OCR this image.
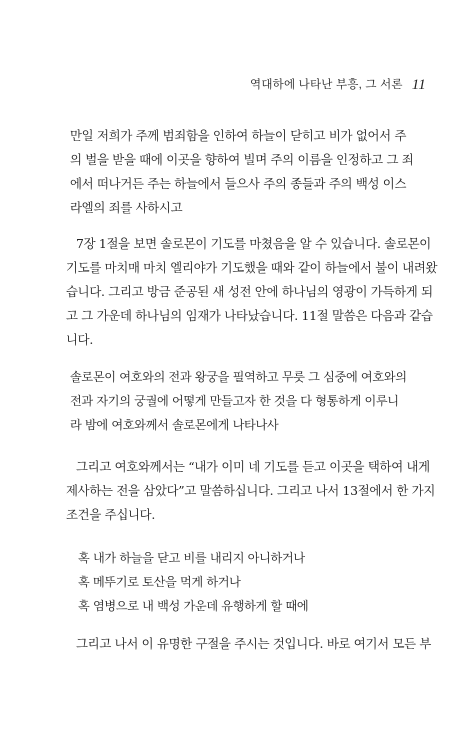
역대하에 나타난 부흥, 그 서론 11
만일 저희가 주께 범죄함을 인하여 하늘이 닫히고 비가 없어서 주
의 벌을 받을 때에 이곳을 향하여 빌며 주의 이름을 인정하고 그 죄
에서 떠나거든 주는 하늘에서 들으사 주의 종들과 주의 백성 이스
라엘의 죄를 사하시고
7장 1절을 보면 솔로몬이 기도를 마쳤음을 알 수 있습니다. 솔로몬이
기도를 마치매 마치 엘리야가 기도했을 때와 같이 하늘에서 불이 내려왔
습니다. 그리고 방금 준공된 새 성전 안에 하나님의 영광이 가득하게 되
고 그 가운데 하나님의 임재가 나타났습니다. 11절 말씀은 다음과 같습
니다.
솔로몬이 여호와의 전과 왕궁을 필역하고 무릇 그 심중에 여호와의
전과 자기의 궁궐에 어떻게 만들고자 한 것을 다 형통하게 이루니
라 밤에 여호와께서 솔로몬에게 나타나사
그리고 여호와께서는 “내가 이미 네 기도를 듣고 이곳을 택하여 내게
제사하는 전을 삼았다”고 말씀하십니다. 그리고 나서 13절에서 한 가지
조건을 주십니다.
혹 내가 하늘을 닫고 비를 내리지 아니하거나
혹 메뚜기로 토산을 먹게 하거나
혹 염병으로 내 백성 가운데 유행하게 할 때에
그리고 나서 이 유명한 구절을 주시는 것입니다. 바로 여기서 모든 부
